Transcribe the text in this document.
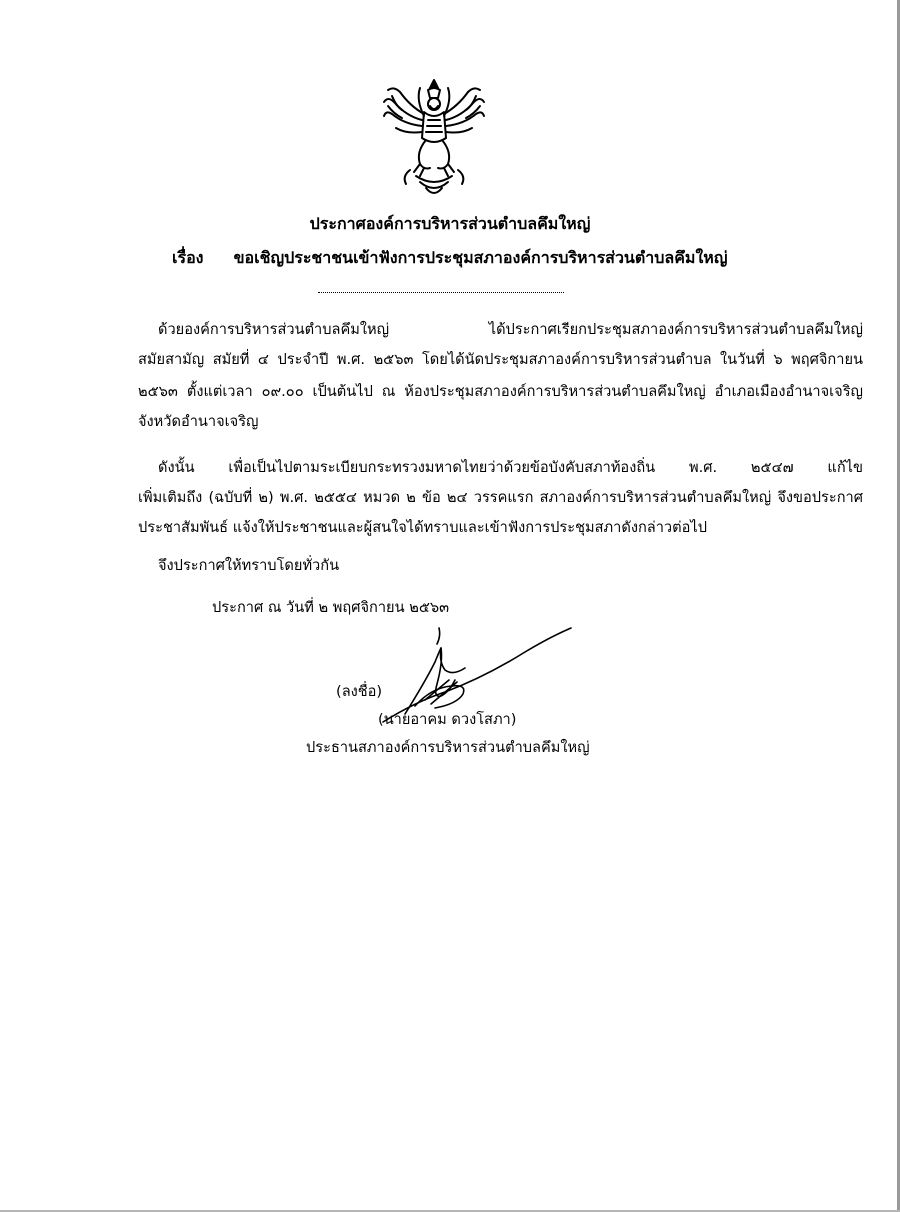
ประกาศองค์การบริหารส่วนตำบลคึมใหญ่
เรื่อง ขอเชิญประชาชนเข้าฟังการประชุมสภาองค์การบริหารส่วนตำบลคึมใหญ่
ด้วยองค์การบริหารส่วนตำบลคึมใหญ่ ได้ประกาศเรียกประชุมสภาองค์การบริหารส่วนตำบลคึมใหญ่
สมัยสามัญ สมัยที่ ๔ ประจำปี พ.ศ. ๒๕๖๓ โดยได้นัดประชุมสภาองค์การบริหารส่วนตำบล ในวันที่ ๖ พฤศจิกายน
๒๕๖๓ ตั้งแต่เวลา ๐๙.๐๐ เป็นต้นไป ณ ห้องประชุมสภาองค์การบริหารส่วนตำบลคึมใหญ่ อำเภอเมืองอำนาจเจริญ
จังหวัดอำนาจเจริญ
ดังนั้น เพื่อเป็นไปตามระเบียบกระทรวงมหาดไทยว่าด้วยข้อบังคับสภาท้องถิ่น พ.ศ. ๒๕๔๗ แก้ไข
เพิ่มเติมถึง (ฉบับที่ ๒) พ.ศ. ๒๕๕๔ หมวด ๒ ข้อ ๒๔ วรรคแรก สภาองค์การบริหารส่วนตำบลคึมใหญ่ จึงขอประกาศ
ประชาสัมพันธ์ แจ้งให้ประชาชนและผู้สนใจได้ทราบและเข้าฟังการประชุมสภาดังกล่าวต่อไป
จึงประกาศให้ทราบโดยทั่วกัน
ประกาศ ณ วันที่ ๒ พฤศจิกายน ๒๕๖๓
(ลงชื่อ)
(นายอาคม ดวงโสภา)
ประธานสภาองค์การบริหารส่วนตำบลคึมใหญ่
